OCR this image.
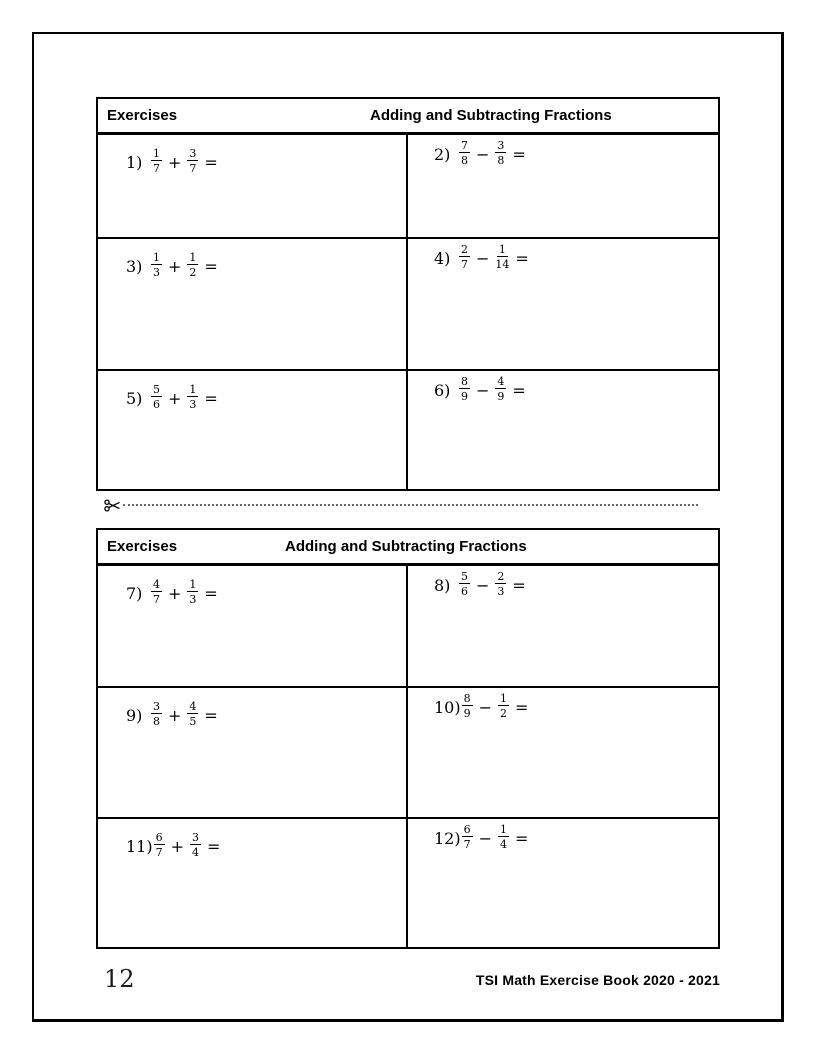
Exercises	Adding and Subtracting Fractions
$1) \frac{1}{7} + \frac{3}{7}$ =	$2) \frac{7}{8} - \frac{3}{8}$ =
$3) \frac{1}{3} + \frac{1}{2}$ =	$4) \frac{2}{7} - \frac{1}{14}$ =
$5) \frac{5}{6} + \frac{1}{3}$ =	$6) \frac{8}{9} - \frac{4}{9}$ =
Exercises	Adding and Subtracting Fractions
$7) \frac{4}{7} + \frac{1}{3}$ =	$8) \frac{5}{6} - \frac{2}{3}$ =
$9) \frac{3}{8} + \frac{4}{5}$ =	$10) \frac{8}{9} - \frac{1}{2}$ =
$11) \frac{6}{7} + \frac{3}{4}$ =	$12) \frac{6}{7} - \frac{1}{4}$ =
12	TSI Math Exercise Book 2020 - 2021
